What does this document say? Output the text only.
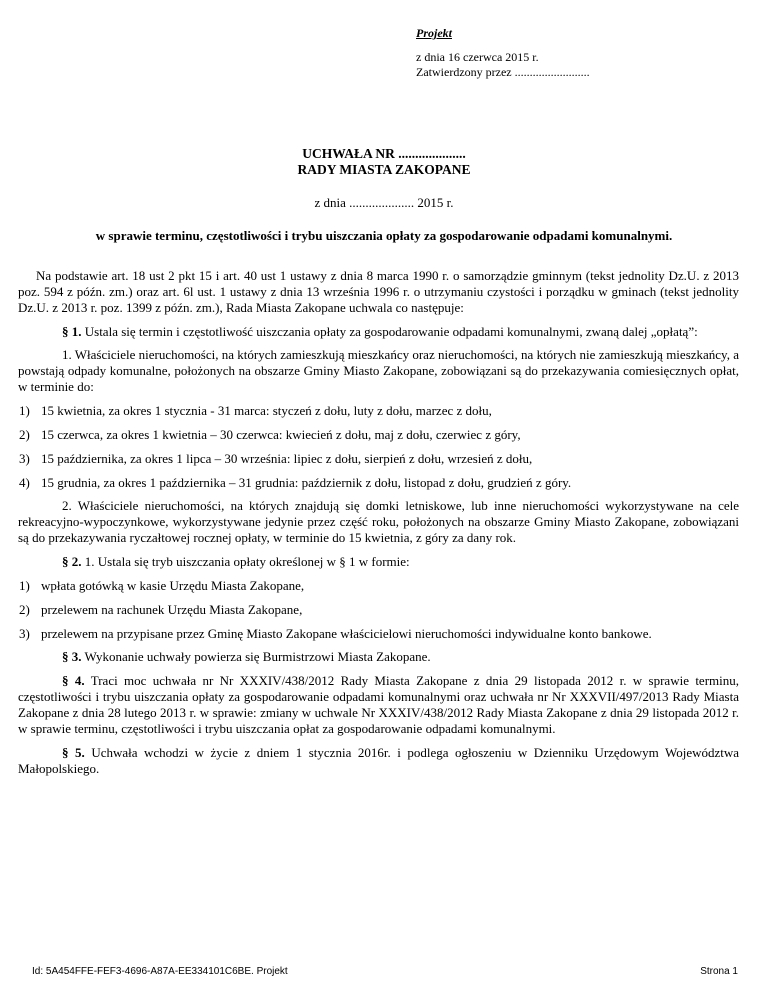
Projekt
z dnia 16 czerwca 2015 r.
Zatwierdzony przez .........................
UCHWAŁA NR ....................
RADY MIASTA ZAKOPANE
z dnia .................... 2015 r.
w sprawie terminu, częstotliwości i trybu uiszczania opłaty za gospodarowanie odpadami komunalnymi.

Na podstawie art. 18 ust 2 pkt 15 i art. 40 ust 1 ustawy z dnia 8 marca 1990 r. o samorządzie gminnym (tekst jednolity Dz.U. z 2013 poz. 594 z późn. zm.) oraz art. 6l ust. 1 ustawy z dnia 13 września 1996 r. o utrzymaniu czystości i porządku w gminach (tekst jednolity Dz.U. z 2013 r. poz. 1399 z późn. zm.), Rada Miasta Zakopane uchwala co następuje:

§ 1. Ustala się termin i częstotliwość uiszczania opłaty za gospodarowanie odpadami komunalnymi, zwaną dalej „opłatą”:

1. Właściciele nieruchomości, na których zamieszkują mieszkańcy oraz nieruchomości, na których nie zamieszkują mieszkańcy, a powstają odpady komunalne, położonych na obszarze Gminy Miasto Zakopane, zobowiązani są do przekazywania comiesięcznych opłat, w terminie do:

1) 15 kwietnia, za okres 1 stycznia - 31 marca: styczeń z dołu, luty z dołu, marzec z dołu,
2) 15 czerwca, za okres 1 kwietnia – 30 czerwca: kwiecień z dołu, maj z dołu, czerwiec z góry,
3) 15 października, za okres 1 lipca – 30 września: lipiec z dołu, sierpień z dołu, wrzesień z dołu,
4) 15 grudnia, za okres 1 października – 31 grudnia: październik z dołu, listopad z dołu, grudzień z góry.

2. Właściciele nieruchomości, na których znajdują się domki letniskowe, lub inne nieruchomości wykorzystywane na cele rekreacyjno-wypoczynkowe, wykorzystywane jedynie przez część roku, położonych na obszarze Gminy Miasto Zakopane, zobowiązani są do przekazywania ryczałtowej rocznej opłaty, w terminie do 15 kwietnia, z góry za dany rok.

§ 2. 1. Ustala się tryb uiszczania opłaty określonej w § 1 w formie:

1) wpłata gotówką w kasie Urzędu Miasta Zakopane,
2) przelewem na rachunek Urzędu Miasta Zakopane,
3) przelewem na przypisane przez Gminę Miasto Zakopane właścicielowi nieruchomości indywidualne konto bankowe.

§ 3. Wykonanie uchwały powierza się Burmistrzowi Miasta Zakopane.

§ 4. Traci moc uchwała nr Nr XXXIV/438/2012 Rady Miasta Zakopane z dnia 29 listopada 2012 r. w sprawie terminu, częstotliwości i trybu uiszczania opłaty za gospodarowanie odpadami komunalnymi oraz uchwała nr Nr XXXVII/497/2013 Rady Miasta Zakopane z dnia 28 lutego 2013 r. w sprawie: zmiany w uchwale Nr XXXIV/438/2012 Rady Miasta Zakopane z dnia 29 listopada 2012 r. w sprawie terminu, częstotliwości i trybu uiszczania opłat za gospodarowanie odpadami komunalnymi.

§ 5. Uchwała wchodzi w życie z dniem 1 stycznia 2016r. i podlega ogłoszeniu w Dzienniku Urzędowym Województwa Małopolskiego.

Id: 5A454FFE-FEF3-4696-A87A-EE334101C6BE. Projekt	Strona 1
